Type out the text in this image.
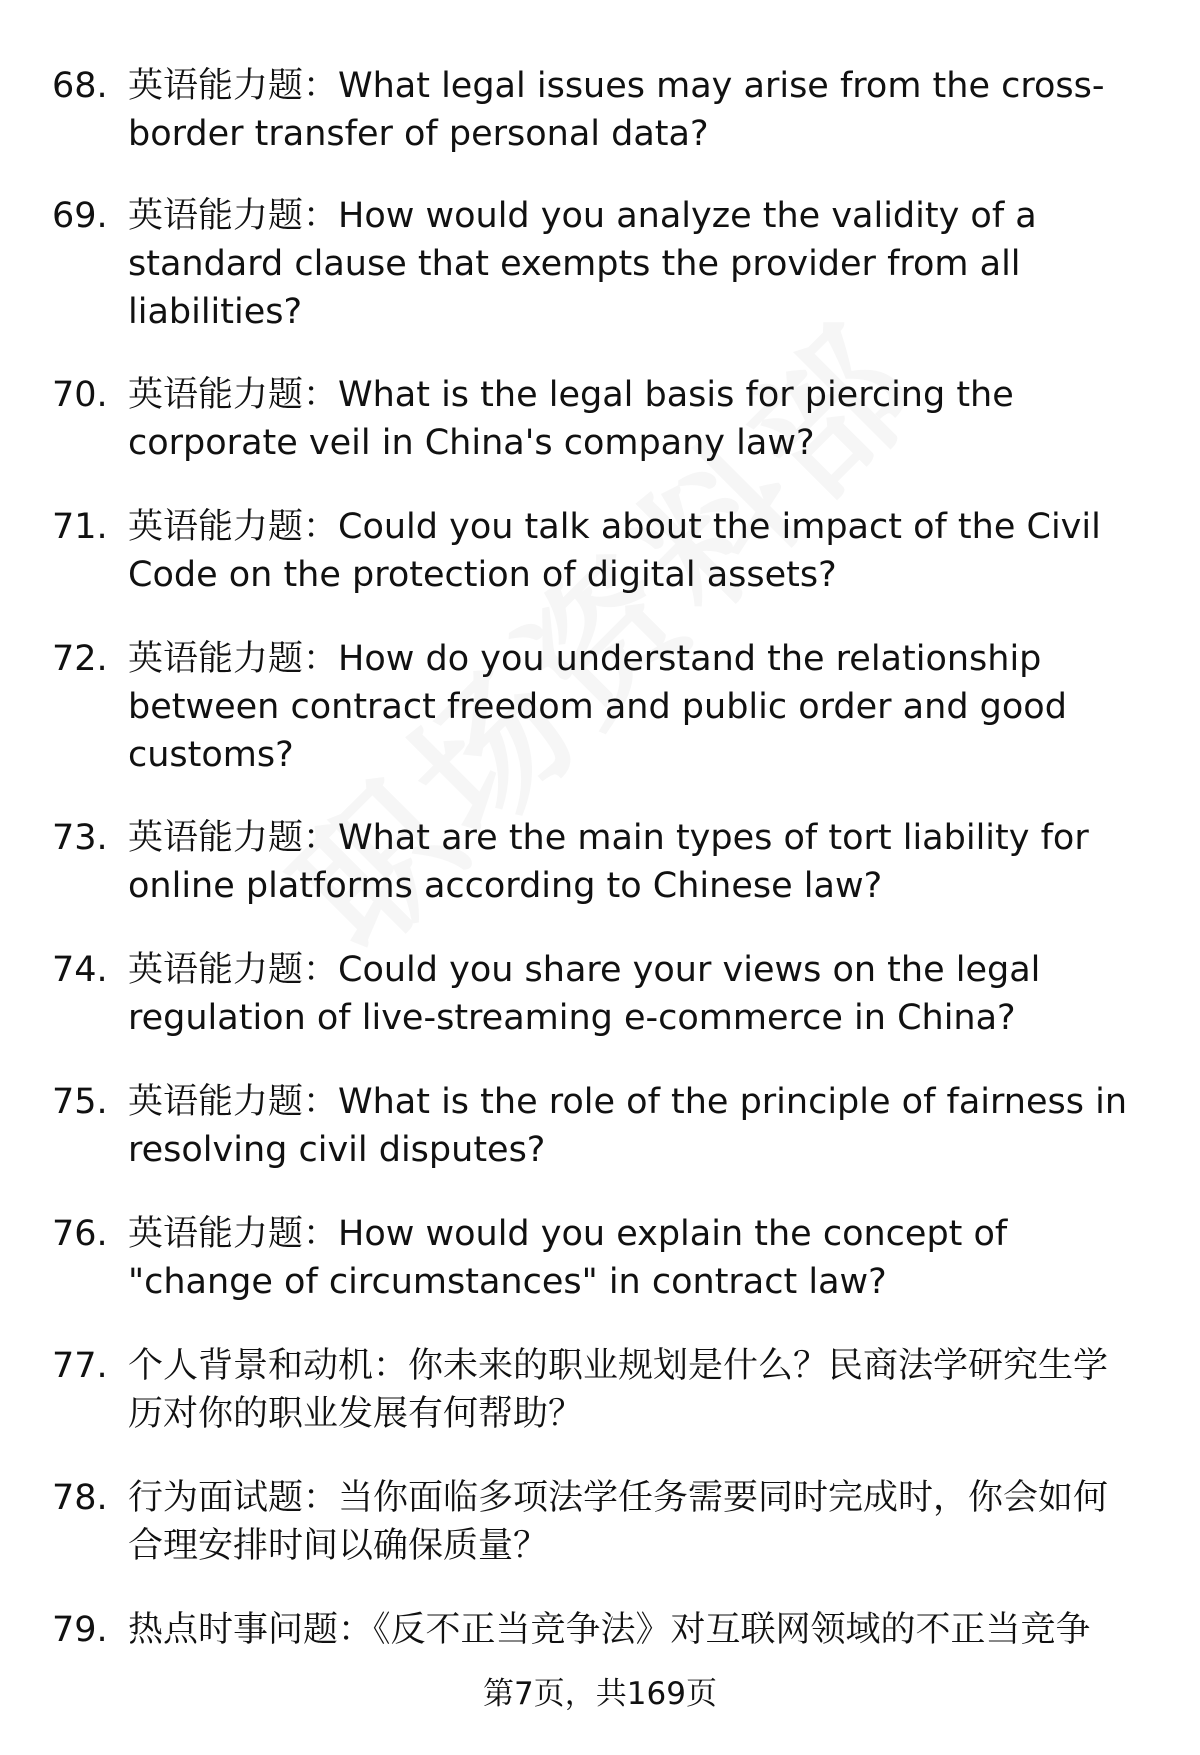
68. 英语能力题：What legal issues may arise from the cross-
border transfer of personal data?
69. 英语能力题：How would you analyze the validity of a
standard clause that exempts the provider from all
liabilities?
70. 英语能力题：What is the legal basis for piercing the
corporate veil in China's company law?
71. 英语能力题：Could you talk about the impact of the Civil
Code on the protection of digital assets?
72. 英语能力题：How do you understand the relationship
between contract freedom and public order and good
customs?
73. 英语能力题：What are the main types of tort liability for
online platforms according to Chinese law?
74. 英语能力题：Could you share your views on the legal
regulation of live-streaming e-commerce in China?
75. 英语能力题：What is the role of the principle of fairness in
resolving civil disputes?
76. 英语能力题：How would you explain the concept of
"change of circumstances" in contract law?
77. 个人背景和动机：你未来的职业规划是什么？民商法学研究生学
历对你的职业发展有何帮助？
78. 行为面试题：当你面临多项法学任务需要同时完成时，你会如何
合理安排时间以确保质量？
79. 热点时事问题：《反不正当竞争法》对互联网领域的不正当竞争
第7页，共169页
